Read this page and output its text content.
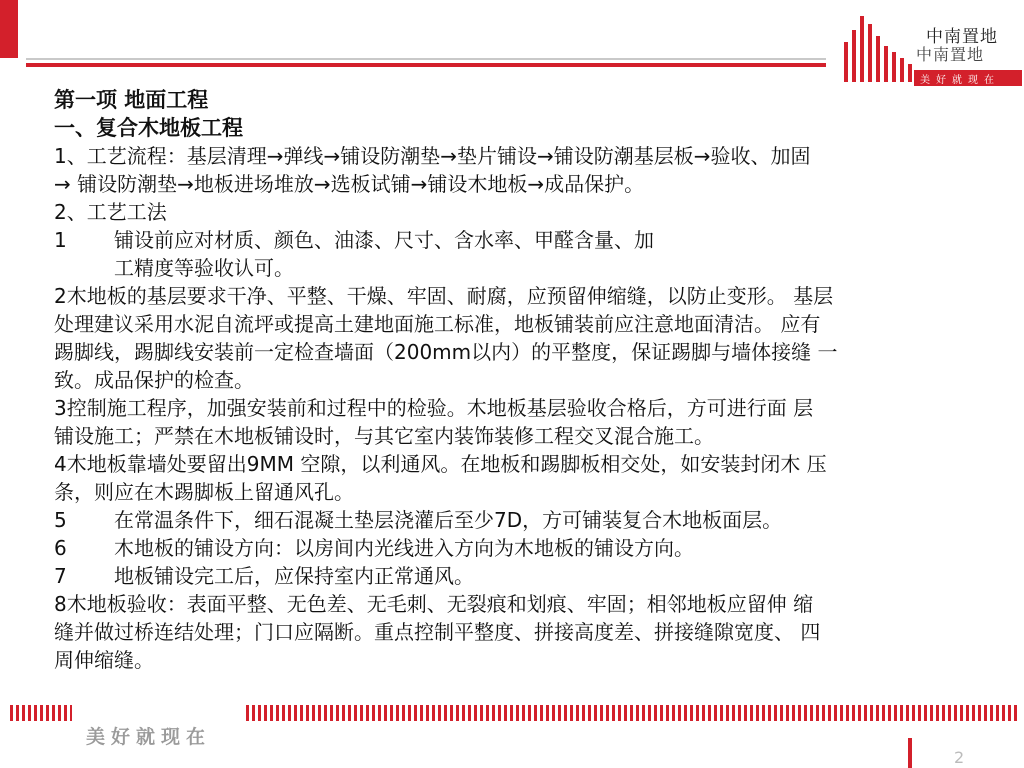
中南置地
中南置地
美好就现在
第一项 地面工程
一、复合木地板工程
1、工艺流程：基层清理→弹线→铺设防潮垫→垫片铺设→铺设防潮基层板→验收、加固
→ 铺设防潮垫→地板进场堆放→选板试铺→铺设木地板→成品保护。
2、工艺工法
1 铺设前应对材质、颜色、油漆、尺寸、含水率、甲醛含量、加
工精度等验收认可。
2木地板的基层要求干净、平整、干燥、牢固、耐腐，应预留伸缩缝，以防止变形。 基层
处理建议采用水泥自流坪或提高土建地面施工标准，地板铺装前应注意地面清洁。 应有
踢脚线，踢脚线安装前一定检查墙面（200mm以内）的平整度，保证踢脚与墙体接缝 一
致。成品保护的检查。
3控制施工程序，加强安装前和过程中的检验。木地板基层验收合格后，方可进行面 层
铺设施工；严禁在木地板铺设时，与其它室内装饰装修工程交叉混合施工。
4木地板靠墙处要留出9MM 空隙，以利通风。在地板和踢脚板相交处，如安装封闭木 压
条，则应在木踢脚板上留通风孔。
5 在常温条件下，细石混凝土垫层浇灌后至少7D，方可铺装复合木地板面层。
6 木地板的铺设方向：以房间内光线进入方向为木地板的铺设方向。
7 地板铺设完工后，应保持室内正常通风。
8木地板验收：表面平整、无色差、无毛刺、无裂痕和划痕、牢固；相邻地板应留伸 缩
缝并做过桥连结处理；门口应隔断。重点控制平整度、拼接高度差、拼接缝隙宽度、 四
周伸缩缝。
美好就现在
2
